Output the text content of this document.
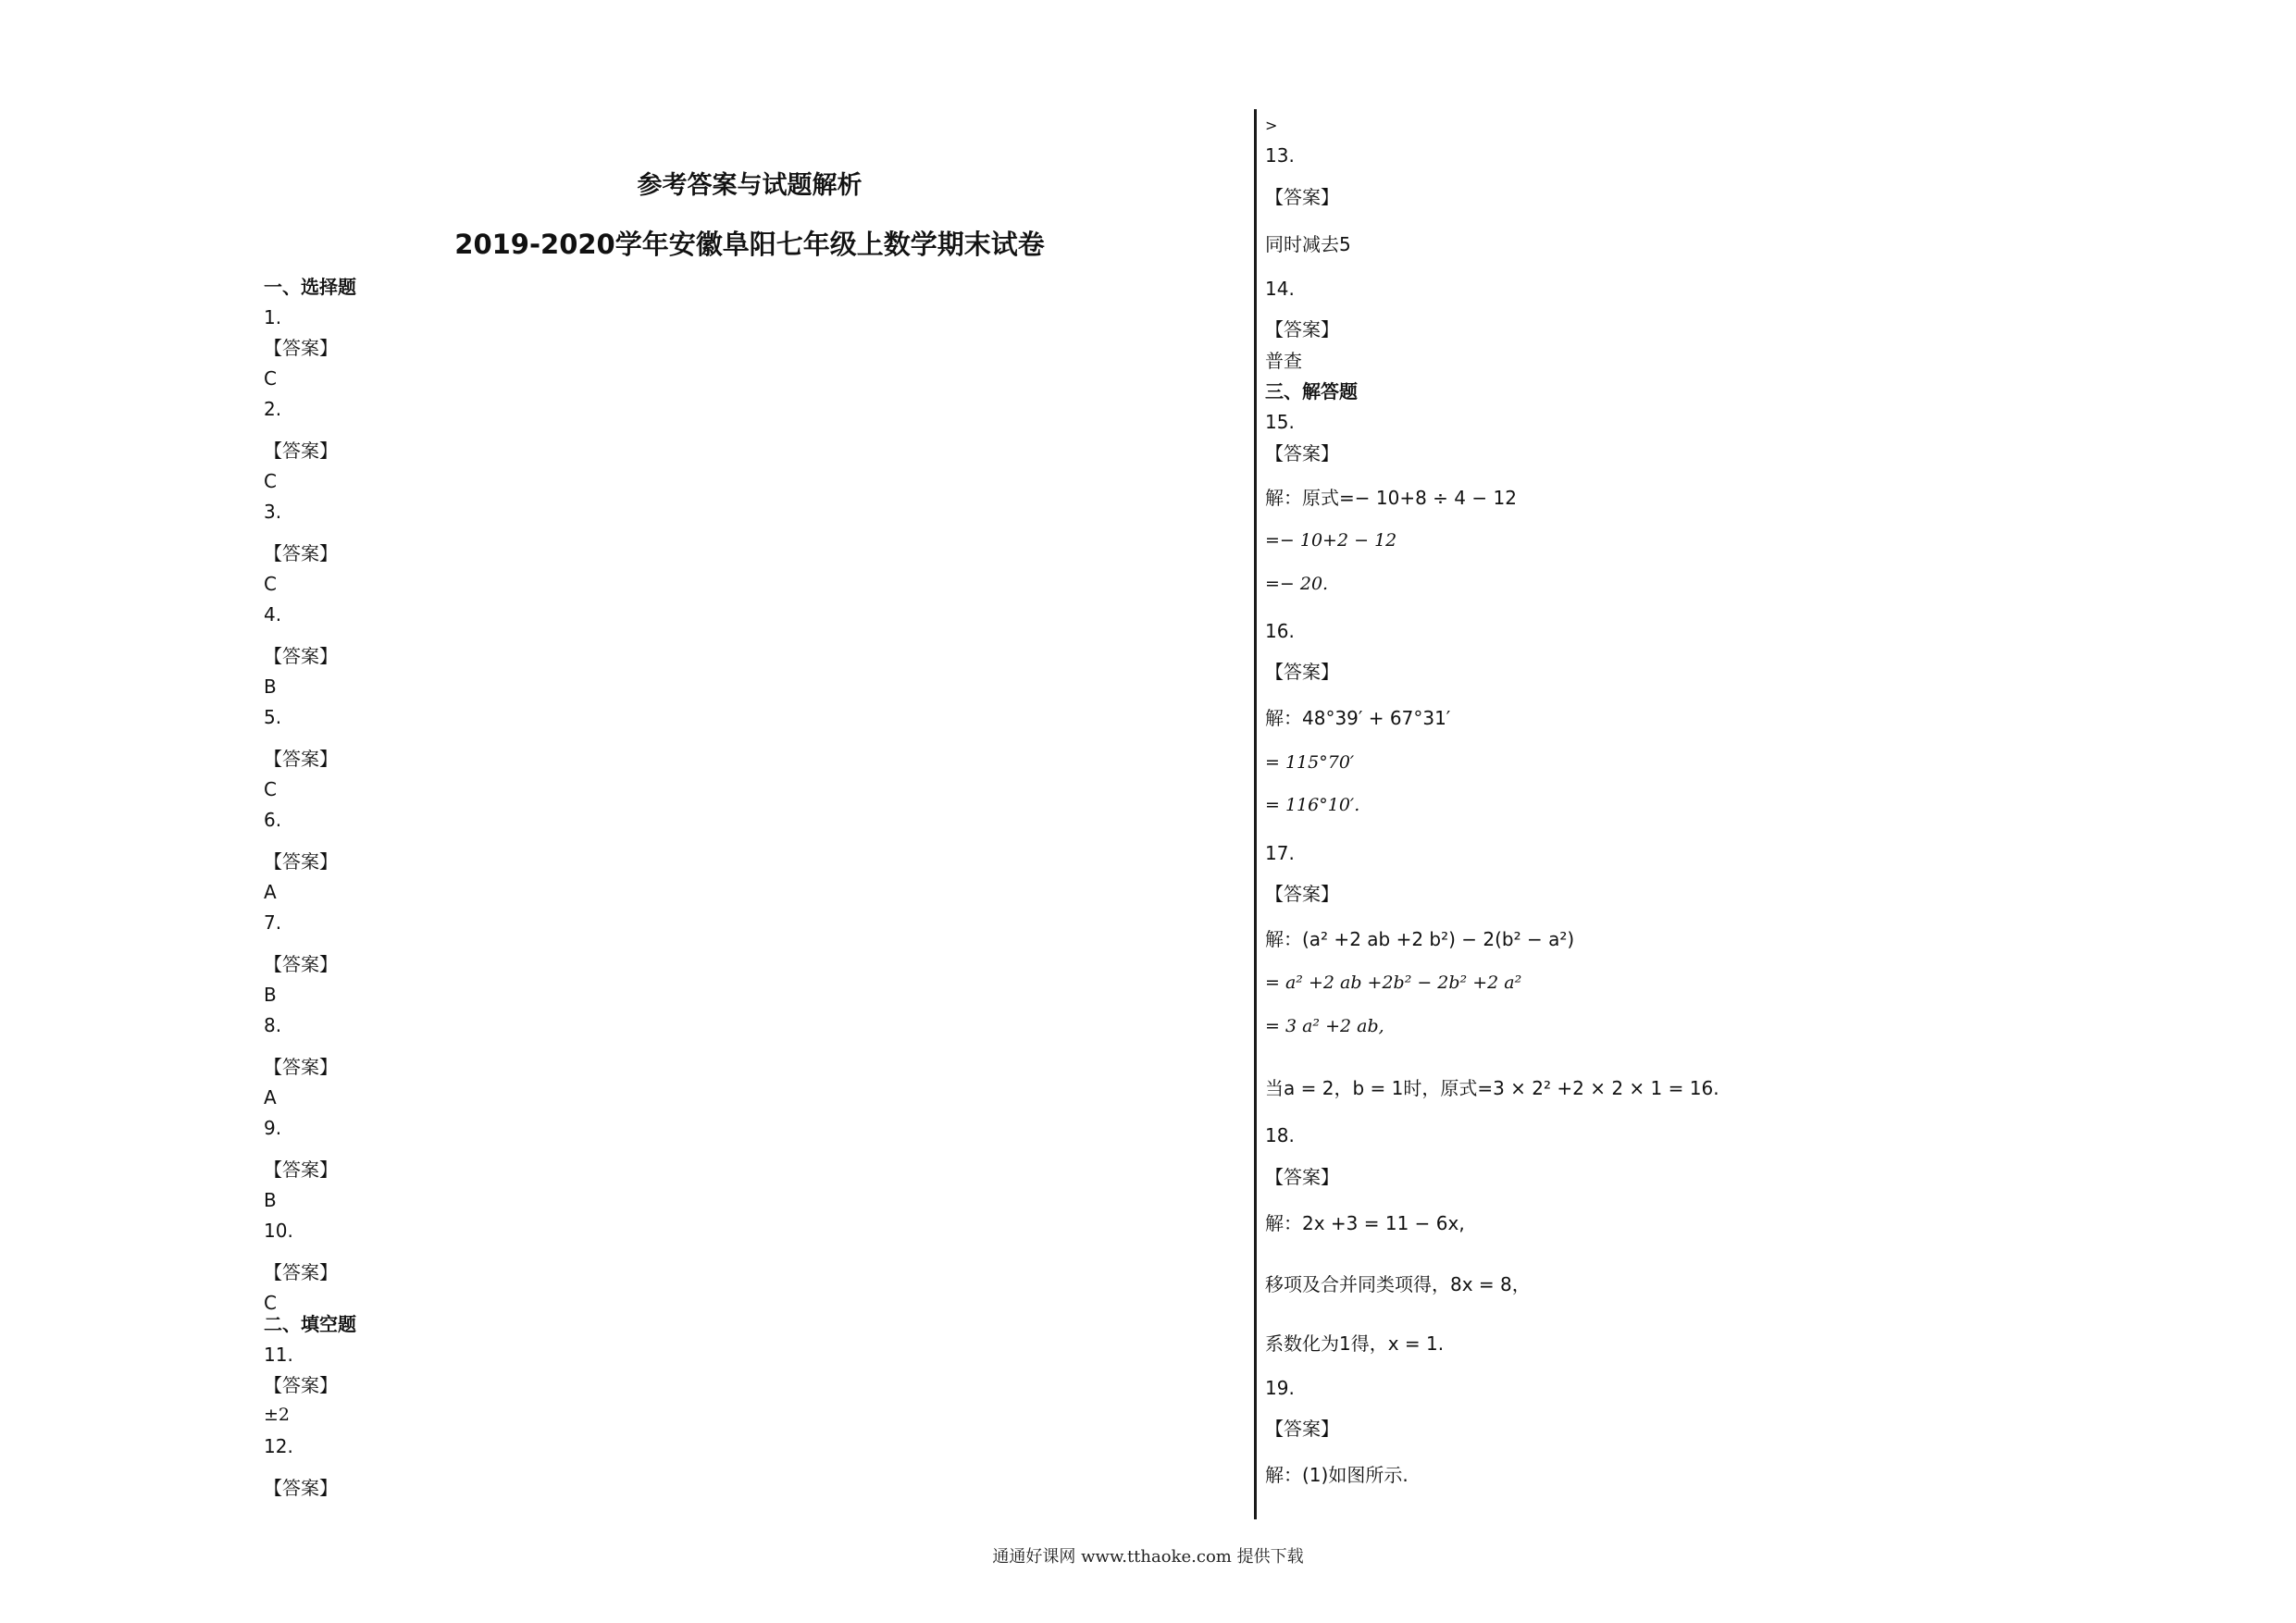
参考答案与试题解析
2019-2020学年安徽阜阳七年级上数学期末试卷
一、选择题
1.
【答案】
C
2.
【答案】
C
3.
【答案】
C
4.
【答案】
B
5.
【答案】
C
6.
【答案】
A
7.
【答案】
B
8.
【答案】
A
9.
【答案】
B
10.
【答案】
C
二、填空题
11.
【答案】
±2
12.
【答案】
>
13.
【答案】
同时减去5
14.
【答案】
普查
三、解答题
15.
【答案】
解：原式=− 10+8 ÷ 4 − 12
=− 10+2 − 12
=− 20.
16.
【答案】
解：48°39′ + 67°31′
= 115°70′
= 116°10′.
17.
【答案】
解：(a² +2 ab +2 b²) − 2(b² − a²)
= a² +2 ab +2b² − 2b² +2 a²
= 3 a² +2 ab,
当a = 2，b = 1时，原式=3 × 2² +2 × 2 × 1 = 16.
18.
【答案】
解：2x +3 = 11 − 6x,
移项及合并同类项得，8x = 8，
系数化为1得，x = 1.
19.
【答案】
解：(1)如图所示.
通通好课网 www.tthaoke.com 提供下载
